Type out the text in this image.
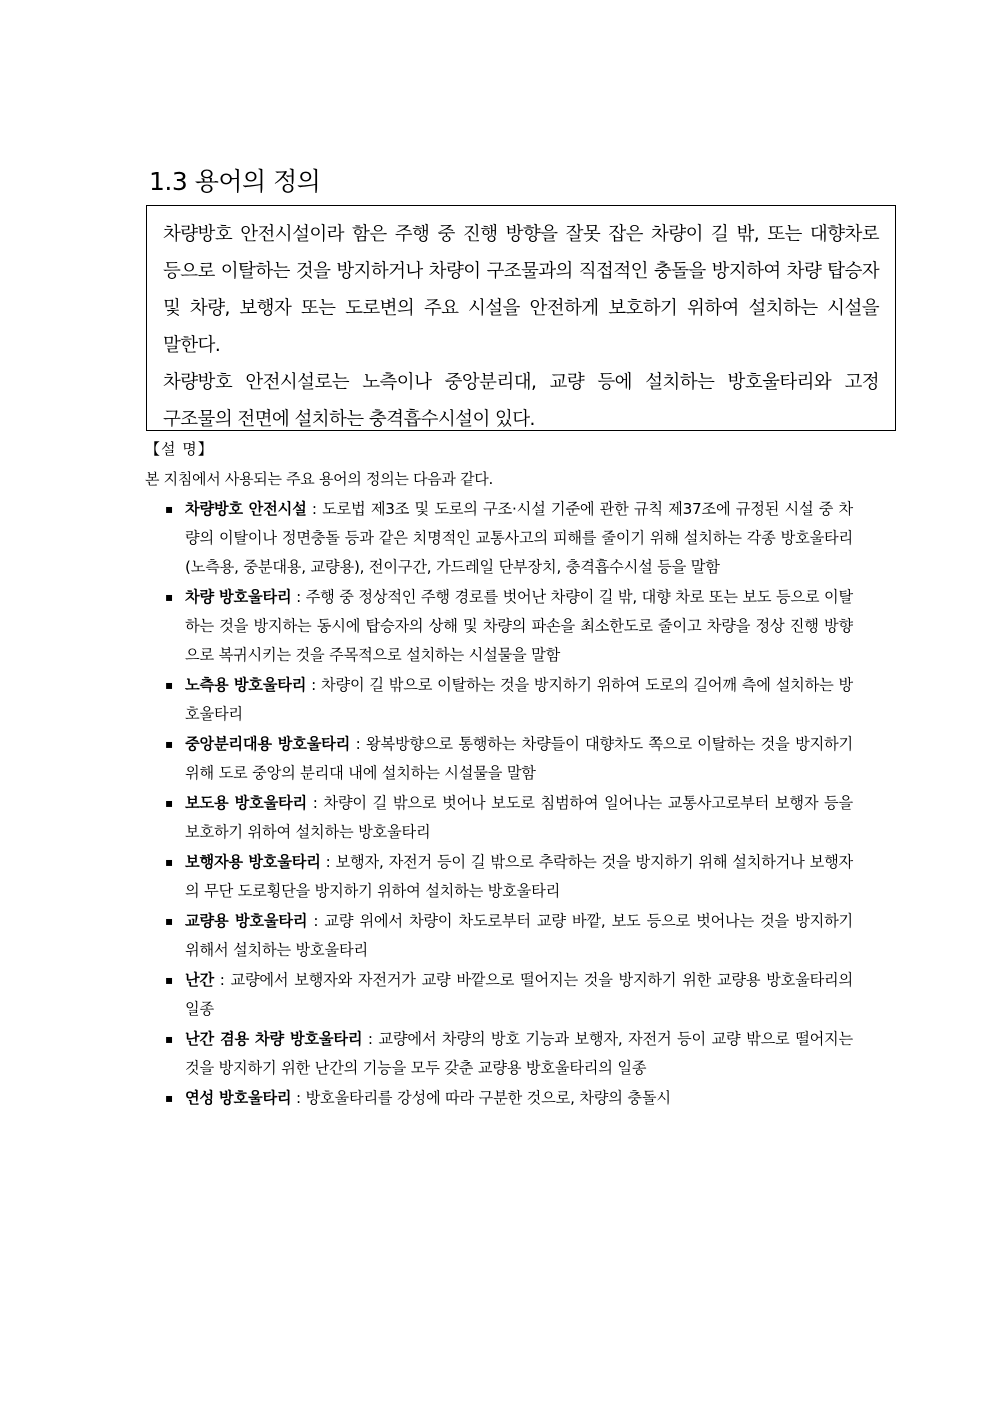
1.3 용어의 정의

차량방호 안전시설이라 함은 주행 중 진행 방향을 잘못 잡은 차량이 길 밖, 또는 대향차로 등으로 이탈하는 것을 방지하거나 차량이 구조물과의 직접적인 충돌을 방지하여 차량 탑승자 및 차량, 보행자 또는 도로변의 주요 시설을 안전하게 보호하기 위하여 설치하는 시설을 말한다.

차량방호 안전시설로는 노측이나 중앙분리대, 교량 등에 설치하는 방호울타리와 고정 구조물의 전면에 설치하는 충격흡수시설이 있다.

【설 명】
본 지침에서 사용되는 주요 용어의 정의는 다음과 같다.
▪ 차량방호 안전시설 : 도로법 제3조 및 도로의 구조·시설 기준에 관한 규칙 제37조에 규정된 시설 중 차량의 이탈이나 정면충돌 등과 같은 치명적인 교통사고의 피해를 줄이기 위해 설치하는 각종 방호울타리(노측용, 중분대용, 교량용), 전이구간, 가드레일 단부장치, 충격흡수시설 등을 말함
▪ 차량 방호울타리 : 주행 중 정상적인 주행 경로를 벗어난 차량이 길 밖, 대향 차로 또는 보도 등으로 이탈하는 것을 방지하는 동시에 탑승자의 상해 및 차량의 파손을 최소한도로 줄이고 차량을 정상 진행 방향으로 복귀시키는 것을 주목적으로 설치하는 시설물을 말함
▪ 노측용 방호울타리 : 차량이 길 밖으로 이탈하는 것을 방지하기 위하여 도로의 길어깨 측에 설치하는 방호울타리
▪ 중앙분리대용 방호울타리 : 왕복방향으로 통행하는 차량들이 대향차도 쪽으로 이탈하는 것을 방지하기 위해 도로 중앙의 분리대 내에 설치하는 시설물을 말함
▪ 보도용 방호울타리 : 차량이 길 밖으로 벗어나 보도로 침범하여 일어나는 교통사고로부터 보행자 등을 보호하기 위하여 설치하는 방호울타리
▪ 보행자용 방호울타리 : 보행자, 자전거 등이 길 밖으로 추락하는 것을 방지하기 위해 설치하거나 보행자의 무단 도로횡단을 방지하기 위하여 설치하는 방호울타리
▪ 교량용 방호울타리 : 교량 위에서 차량이 차도로부터 교량 바깥, 보도 등으로 벗어나는 것을 방지하기 위해서 설치하는 방호울타리
▪ 난간 : 교량에서 보행자와 자전거가 교량 바깥으로 떨어지는 것을 방지하기 위한 교량용 방호울타리의 일종
▪ 난간 겸용 차량 방호울타리 : 교량에서 차량의 방호 기능과 보행자, 자전거 등이 교량 밖으로 떨어지는 것을 방지하기 위한 난간의 기능을 모두 갖춘 교량용 방호울타리의 일종
▪ 연성 방호울타리 : 방호울타리를 강성에 따라 구분한 것으로, 차량의 충돌시
